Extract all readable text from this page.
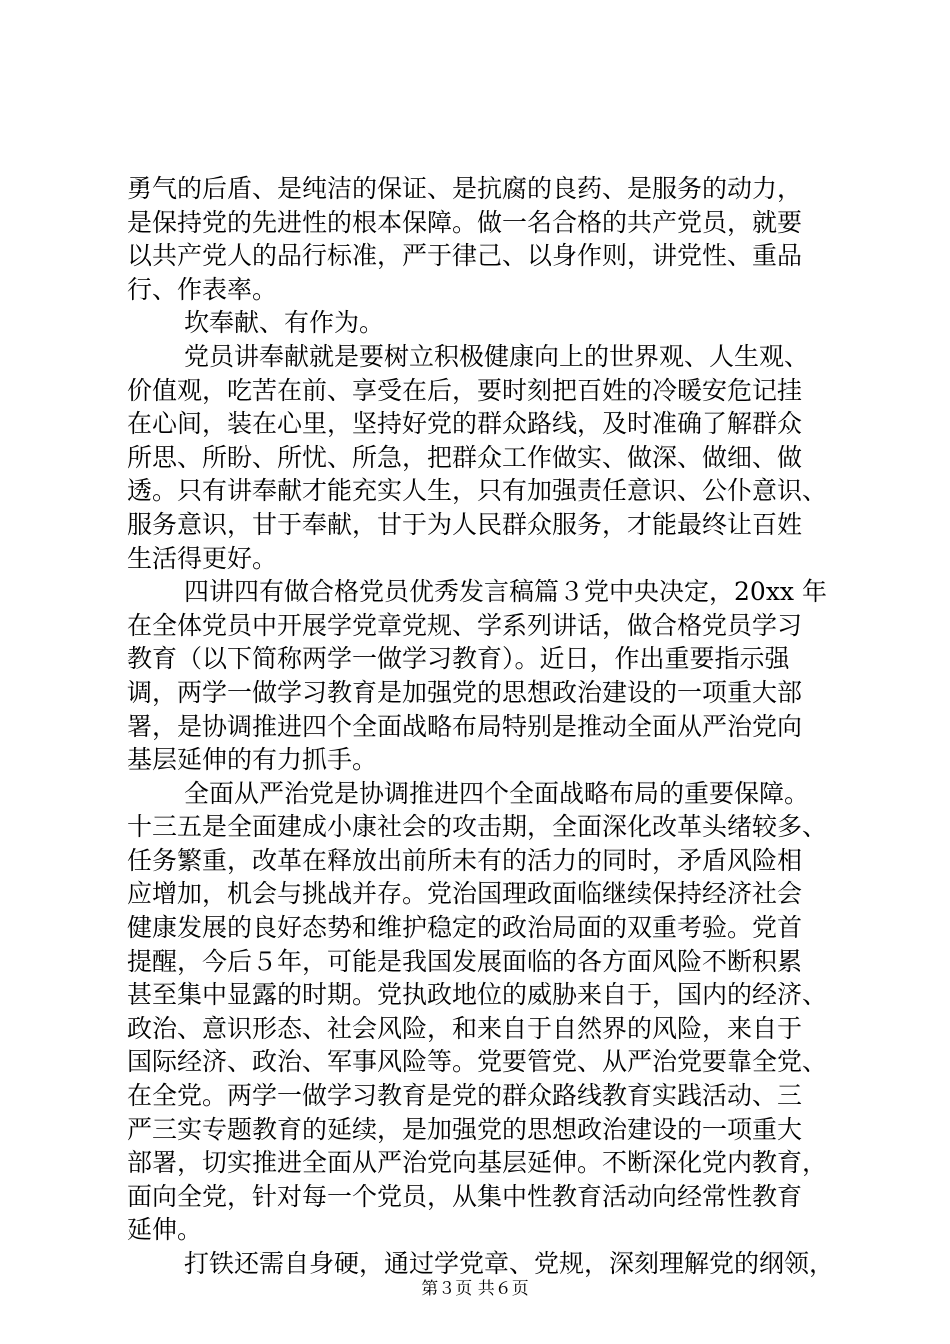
勇气的后盾、是纯洁的保证、是抗腐的良药、是服务的动力，
是保持党的先进性的根本保障。做一名合格的共产党员，就要
以共产党人的品行标准，严于律己、以身作则，讲党性、重品
行、作表率。
坎奉献、有作为。
党员讲奉献就是要树立积极健康向上的世界观、人生观、
价值观，吃苦在前、享受在后，要时刻把百姓的冷暖安危记挂
在心间，装在心里，坚持好党的群众路线，及时准确了解群众
所思、所盼、所忧、所急，把群众工作做实、做深、做细、做
透。只有讲奉献才能充实人生，只有加强责任意识、公仆意识、
服务意识，甘于奉献，甘于为人民群众服务，才能最终让百姓
生活得更好。
四讲四有做合格党员优秀发言稿篇３党中央决定，20xx 年
在全体党员中开展学党章党规、学系列讲话，做合格党员学习
教育（以下简称两学一做学习教育）。近日，作出重要指示强
调，两学一做学习教育是加强党的思想政治建设的一项重大部
署，是协调推进四个全面战略布局特别是推动全面从严治党向
基层延伸的有力抓手。
全面从严治党是协调推进四个全面战略布局的重要保障。
十三五是全面建成小康社会的攻击期，全面深化改革头绪较多、
任务繁重，改革在释放出前所未有的活力的同时，矛盾风险相
应增加，机会与挑战并存。党治国理政面临继续保持经济社会
健康发展的良好态势和维护稳定的政治局面的双重考验。党首
提醒，今后５年，可能是我国发展面临的各方面风险不断积累
甚至集中显露的时期。党执政地位的威胁来自于，国内的经济、
政治、意识形态、社会风险，和来自于自然界的风险，来自于
国际经济、政治、军事风险等。党要管党、从严治党要靠全党、
在全党。两学一做学习教育是党的群众路线教育实践活动、三
严三实专题教育的延续，是加强党的思想政治建设的一项重大
部署，切实推进全面从严治党向基层延伸。不断深化党内教育，
面向全党，针对每一个党员，从集中性教育活动向经常性教育
延伸。
打铁还需自身硬，通过学党章、党规，深刻理解党的纲领，
第３页 共６页
